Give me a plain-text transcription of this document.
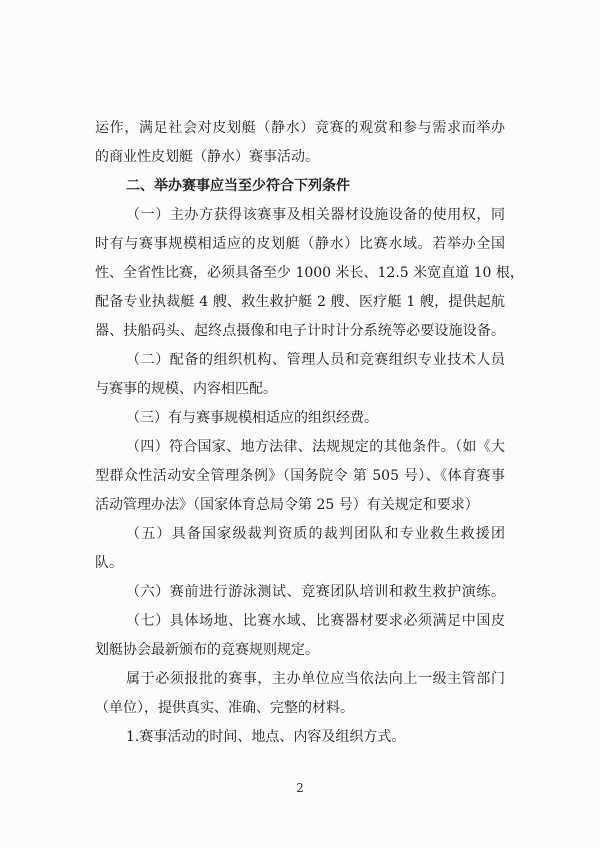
运作，满足社会对皮划艇（静水）竞赛的观赏和参与需求而举办
的商业性皮划艇（静水）赛事活动。
二、举办赛事应当至少符合下列条件
（一）主办方获得该赛事及相关器材设施设备的使用权，同
时有与赛事规模相适应的皮划艇（静水）比赛水域。若举办全国
性、全省性比赛，必须具备至少 1000 米长、12.5 米宽直道 10 根，
配备专业执裁艇 4 艘、救生救护艇 2 艘、医疗艇 1 艘，提供起航
器、扶船码头、起终点摄像和电子计时计分系统等必要设施设备。
（二）配备的组织机构、管理人员和竞赛组织专业技术人员
与赛事的规模、内容相匹配。
（三）有与赛事规模相适应的组织经费。
（四）符合国家、地方法律、法规规定的其他条件。（如《大
型群众性活动安全管理条例》（国务院令 第 505 号）、《体育赛事
活动管理办法》（国家体育总局令第 25 号）有关规定和要求）
（五）具备国家级裁判资质的裁判团队和专业救生救援团
队。
（六）赛前进行游泳测试、竞赛团队培训和救生救护演练。
（七）具体场地、比赛水域、比赛器材要求必须满足中国皮
划艇协会最新颁布的竞赛规则规定。
属于必须报批的赛事，主办单位应当依法向上一级主管部门
（单位），提供真实、准确、完整的材料。
1.赛事活动的时间、地点、内容及组织方式。
2
